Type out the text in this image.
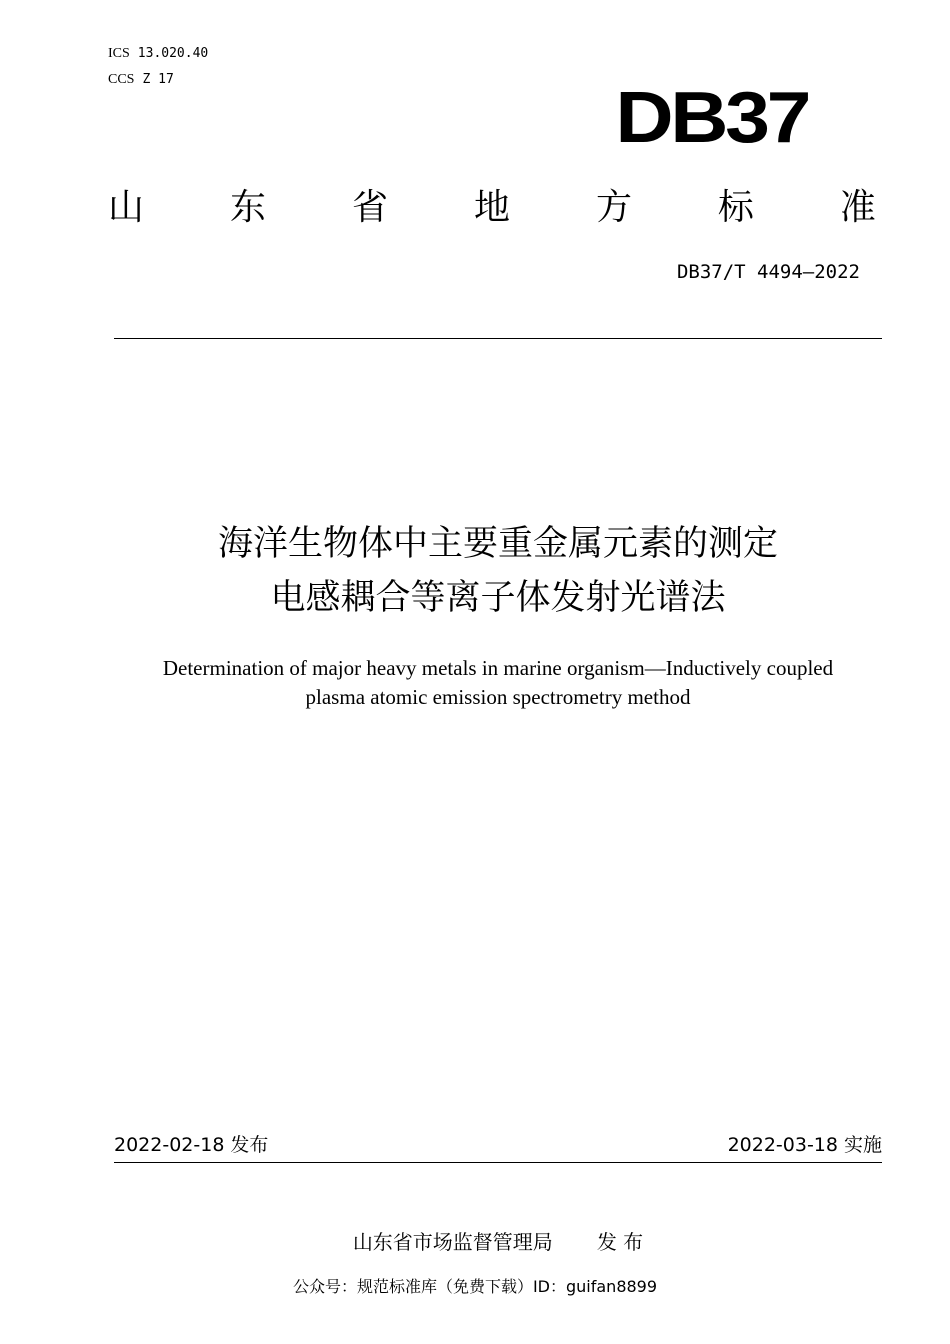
ICS 13.020.40
CCS Z 17	DB37
山 东 省 地 方 标 准
DB37/T 4494—2022
海洋生物体中主要重金属元素的测定
电感耦合等离子体发射光谱法
Determination of major heavy metals in marine organism—Inductively coupled
plasma atomic emission spectrometry method
2022-02-18 发布	2022-03-18 实施
山东省市场监督管理局 发 布
公众号：规范标准库（免费下载）ID：guifan8899
